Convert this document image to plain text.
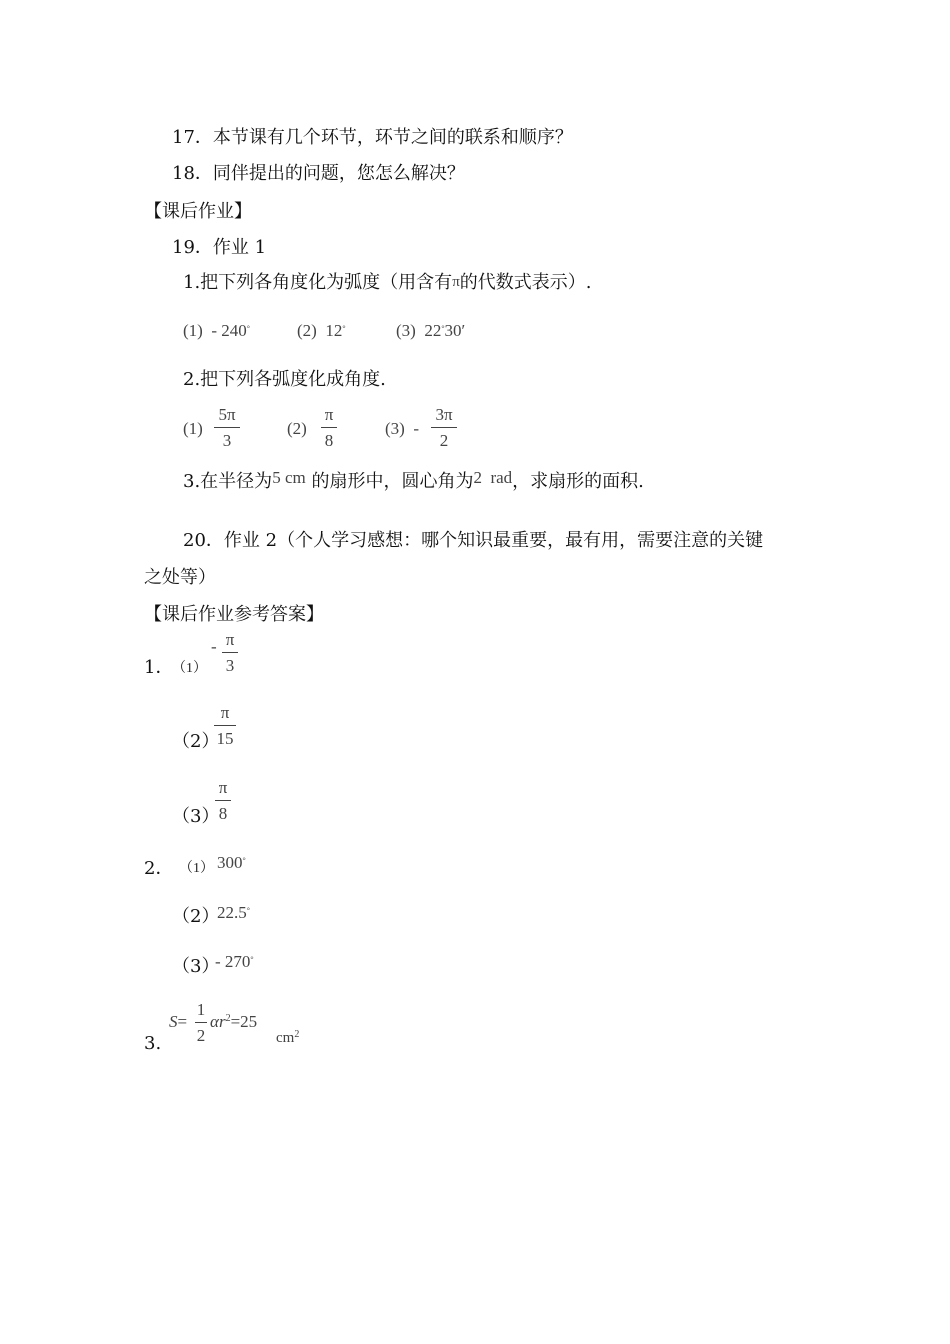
17．本节课有几个环节，环节之间的联系和顺序？
18．同伴提出的问题，您怎么解决？
【课后作业】
19．作业 1
1.把下列各角度化为弧度（用含有π的代数式表示）.
(1) - 240°	(2) 12°	(3) 22°30′
2.把下列各弧度化成角度.
(1)
5π
3
(2)
π
8
(3) -
3π
2
3.在半径为5 cm 的扇形中，圆心角为2  rad，求扇形的面积.
20．作业 2（个人学习感想：哪个知识最重要，最有用，需要注意的关键
之处等）
【课后作业参考答案】
1．
（1）
- π
3
（2）
π
15
（3）
π
8
2． （1） 300°
（2）
22.5°
（3）
- 270°
3.
S=
1
2
$\alpha r^2=25$
$cm^2$
